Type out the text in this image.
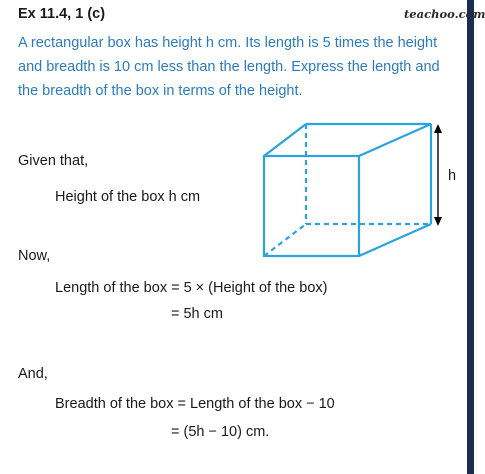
Ex 11.4, 1 (c)	teachoo.com
A rectangular box has height h cm. Its length is 5 times the height
and breadth is 10 cm less than the length. Express the length and
the breadth of the box in terms of the height.
Given that,
Height of the box h cm
Now,
Length of the box = 5 × (Height of the box)
= 5h cm
And,
Breadth of the box = Length of the box − 10
= (5h − 10) cm.
h
